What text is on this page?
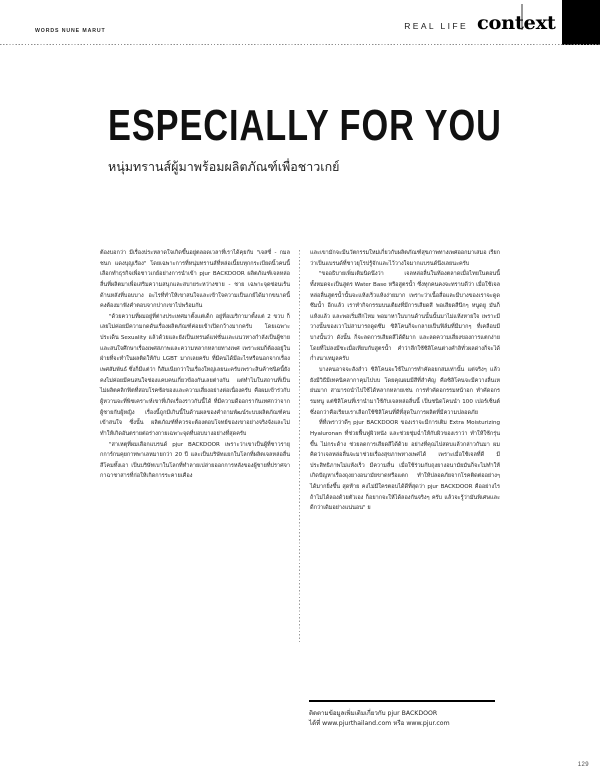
WORDS NUNE MARUT	REAL LIFE context
ESPECIALLY FOR YOU
หนุ่มทรานส์ผู้มาพร้อมผลิตภัณฑ์เพื่อชาวเกย์

ต้องบอกว่า มีเรื่องประหลาดใจเกิดขึ้นอยู่ตลอดเวลาที่เราได้คุยกับ "เจสซี่ - กมลชนก แดงบุญเรือง" โดยเฉพาะการที่หนุ่มทรานส์ที่หล่อเนี้ยบทุกกระเบียดนิ้วคนนี้เลือกทำธุรกิจเพื่อชาวเกย์อย่างการนำเข้า pjur BACKDOOR ผลิตภัณฑ์เจลหล่อลื่นที่ผลิตมาเพื่อเสริมความสนุกและสบายระหว่างชาย - ชาย เฉพาะจุดซ่อนเร้นด้านหลังที่บอบบาง อะไรที่ทำให้เขาสนใจและเข้าใจความเป็นเกย์ได้มากขนาดนี้ คงต้องมาฟังคำตอบจากปากเขาไปพร้อมกัน

"ด้วยความที่ผมอยู่ที่ต่างประเทศมาตั้งแต่เด็ก อยู่ที่อเมริกามาตั้งแต่ 2 ขวบ ก็เลยไม่ค่อยมีความกดดันเรื่องผลิตภัณฑ์ค่อยเข้าเปิดกว้างมากครับ โดยเฉพาะประเด็น Sexuality แล้วด้วยและยังเป็นเทรนด์แฟชั่นเเละแนวทางกำลังเป็นผู้ชาย และสนใจศึกษาเรื่องเพศสภาพและความหลากหลายทางเพศ เพราะผมก็ต้องอยู่ในฝ่ายที่จะทำในผลติดให้กับ LGBT มากเลยครับ ที่มีคนได้มีอะไรหรือนอกจากเรื่องเพศสัมพันธ์ ซึ่งก็มีแต่ว่า ก็สัมเนียกว่าในเรื่องใหญ่เลยนะครับเพราะสินค้าชนิดนี้ยังคงไม่ค่อยมีคนสนใจช่องแคบคนเกี่ยวข้องกันเลยต่างกัน แต่ทำไมในสถานที่เป็นไม่ผลิตคลิกฟิตที่สอบโรคซ้อของและความเสี่ยงอย่างต่อเนื่องครับ คือผมเข้าร่วกับ ผู้หวานจะที่พิชเคราะห์เขาที่เกิดเรื่องราวกันนี้ได้ ที่มีความดีออกรากันเทศกว่าจากผู้ชายกับผู้หญิง เรื่องนี้ถูกมีเกินนี้ในด้านผลของคำถามพัฒน์ระบบผลิตภัณฑ์คนเข้าสนใจ ซึ่งนั้น ผลิตภัณฑ์ที่ควรจะต้องตอบโจทย์ของเขาอย่างจริงจังและไม่ทำให้เกิดอันตรายต่อร่างกายเฉพาะจุดที่บอบบางอย่างที่สุดครับ

"สาเหตุที่ผมเลือกแบรนด์ pjur BACKDOOR เพราะว่าเขาเป็นผู้ที่ชาวรายุกการ์กนคุยกาทพาเลหมายกว่า 20 ปี และเป็นบริษัทแยกในโลกที่ผลิตเจลหล่อลื่นสีโคมทั้งเอา เป็นบริษัทเบาในโลกที่ทำลายเปล่ายออกการหลังของผู้ชายที่ปราศจากาฉาชาสารที่ก่อให้เกิดการระคายเคือง

และเขามักจะมีนวัตกรรมใหม่เกี่ยวกับผลิตภัณฑ์สุขภาพทางเพศออกมาเสมอ เรียกว่าเป็นแบรนด์ที่ชาวยุโรปรู้จักและไว้วางใจมากแบรนด์นึงเลยนะครับ

"ขออธิบายเพิ่มเติมนิดนึงว่า เจลหล่อลื่นในท้องตลาดเมื่อไทยในตอนนี้ ทั้งหมดจะเป็นสูตร Water Base หรือสูตรน้ำ ซึ่งทุกคนคงจะทราบดีว่า เมื่อใช้เจลหล่อลื่นสูตรน้ำนั้นจะแห้งเร็วแห้งง่ายมาก เพราะว่าเนื้อสื่อและมีบางของเราจะดูดซึมน้ำ อีกแล้ว เราทำกิจกรรมบนเตียงที่มีการเสียดสี พอเสียดสีนึกๆ หนูดยู มันก็แห้งแล้ว และพอเริ่มสึกไหม พอมาหาในบานด้านนั้นนั้นมาไม่แห้งหายใจ เพราะมีวางนั้นของเวาไม่สามารถดูดซึม ซิลิโคนก็จะกลายเป็นฟิล์มที่มีมากๆ ที่เคลือบมีบางนั้นว่า ดังนั้น ก็จะลดการเสียดสีได้ดีมาก และลดความเสี่ยงของการแตกง่าย โดยที่ไม่ลงมีชะเมื่อเทียบกับสูตรน้ำ คำว่าลึกใช้ซิลิโคนต่างคำลิทั่วผลด่างก็จะได้ก่ำงนาเทมูลครับ

บางคนอาจจะสังสำว ซิลิโคนจะใช้ในการทำคัดอยกสมเท่านั้น แต่จริงๆ แล้วยังมีวิธีมีเทคนิคลากาคุมไปบบ โดยคุณผมมีสีที่สำคัญ คือซิลิโคนจะมีควางลื่นเหย่นมาก สามารถนำไปใช้ได้หลากหลายเช่น การทำคัดอกรรมหน้าอก ทำคัดอกรรมหนู แต่ซิลิโคนที่เรานำมาใช้กับเจลหล่อลื่นนี้ เป็นชนิดโคนนำ 100 เปอร์เซ็นต์ ซึ่งอกว่าคือเรียบเราเลือกใช้ซิลิโคนที่ดีที่สุดในการผลิตที่มีความปลอดภัย

ที่ที่เพราว่าดีๆ pjur BACKDOOR ของเราจะมีการเติม Extra Moisturizing Hyaluronan ที่ช่วยฟื้นฟูผิวหนัง และช่วยชุ่มฉ่ำให้กับผิวของเราว่า ทำให้ใช้กรุ่นขึ้น ไม่กระด้าง ช่วยลดการเสียดสีได้ด้วย อย่างที่คุณไปสดบแล้วกล่าวกันมา ผมคิดว่าเจลหล่อลื่นจะมาช่วยเรื่องสุขภาพทางเพศได้ เพราะเมื่อใช้เจลที่ดี มีประสิทธิภาพไม่แห้งเร็ว มีความลื่น เมื่อใช้ร่วมกับถุงยางอนามัยมันก็จะไม่ทำให้เกิดปัญหาเรื่องถุงยางอนามัยขาดหรือแตก ทำให้ปลอดภัยจากโรคติดต่ออย่างๆ ได้มากยิ่งขึ้น สุดท้าย คงไม่มีใครตอบได้ดีที่สุดว่า pjur BACKDOOR คืออย่างไร ถ้าไม่ได้ลองด้วยตัวเอง ก็อยากจะให้ได้ลองกันจริงๆ ครับ แล้วจะรู้ว่ามันพิเศษและดีกว่าเดิมอย่างแน่นอน" ย

ติดตามข้อมูลเพิ่มเติมเกี่ยวกับ pjur BACKDOOR
ได้ที่ www.pjurthailand.com หรือ www.pjur.com
129
